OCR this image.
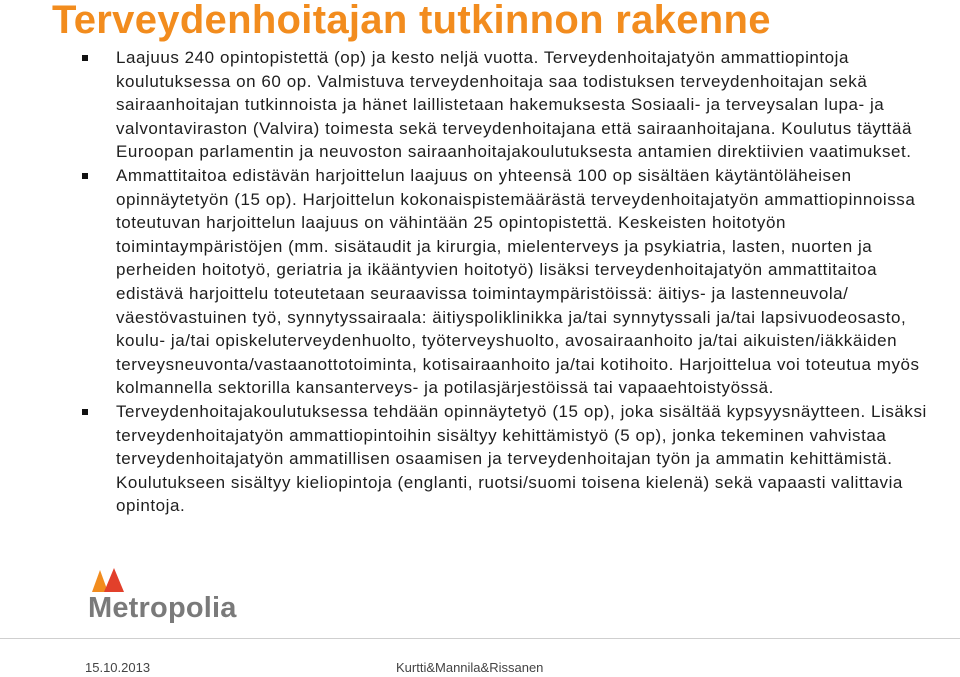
Terveydenhoitajan tutkinnon rakenne
Laajuus 240 opintopistettä (op) ja kesto neljä vuotta. Terveydenhoitajatyön ammattiopintoja koulutuksessa on 60 op. Valmistuva terveydenhoitaja saa todistuksen terveydenhoitajan sekä sairaanhoitajan tutkinnoista ja hänet laillistetaan hakemuksesta Sosiaali- ja terveysalan lupa- ja valvontaviraston (Valvira) toimesta sekä terveydenhoitajana että sairaanhoitajana. Koulutus täyttää Euroopan parlamentin ja neuvoston sairaanhoitajakoulutuksesta antamien direktiivien vaatimukset.
Ammattitaitoa edistävän harjoittelun laajuus on yhteensä 100 op sisältäen käytäntöläheisen opinnäytetyön (15 op). Harjoittelun kokonaispistemäärästä terveydenhoitajatyön ammattiopinnoissa toteutuvan harjoittelun laajuus on vähintään 25 opintopistettä. Keskeisten hoitotyön toimintaympäristöjen (mm. sisätaudit ja kirurgia, mielenterveys ja psykiatria, lasten, nuorten ja perheiden hoitotyö, geriatria ja ikääntyvien hoitotyö) lisäksi terveydenhoitajatyön ammattitaitoa edistävä harjoittelu toteutetaan seuraavissa toimintaympäristöissä: äitiys- ja lastenneuvola/ väestövastuinen työ, synnytyssairaala: äitiyspoliklinikka ja/tai synnytyssali ja/tai lapsivuodeosasto, koulu- ja/tai opiskeluterveydenhuolto, työterveyshuolto, avosairaanhoito ja/tai aikuisten/iäkkäiden terveysneuvonta/vastaanottotoiminta, kotisairaanhoito ja/tai kotihoito. Harjoittelua voi toteutua myös kolmannella sektorilla kansanterveys- ja potilasjärjestöissä tai vapaaehtoistyössä.
Terveydenhoitajakoulutuksessa tehdään opinnäytetyö (15 op), joka sisältää kypsyysnäytteen. Lisäksi terveydenhoitajatyön ammattiopintoihin sisältyy kehittämistyö (5 op), jonka tekeminen vahvistaa terveydenhoitajatyön ammatillisen osaamisen ja terveydenhoitajan työn ja ammatin kehittämistä. Koulutukseen sisältyy kieliopintoja (englanti, ruotsi/suomi toisena kielenä) sekä vapaasti valittavia opintoja.
Metropolia
15.10.2013	Kurtti&Mannila&Rissanen
